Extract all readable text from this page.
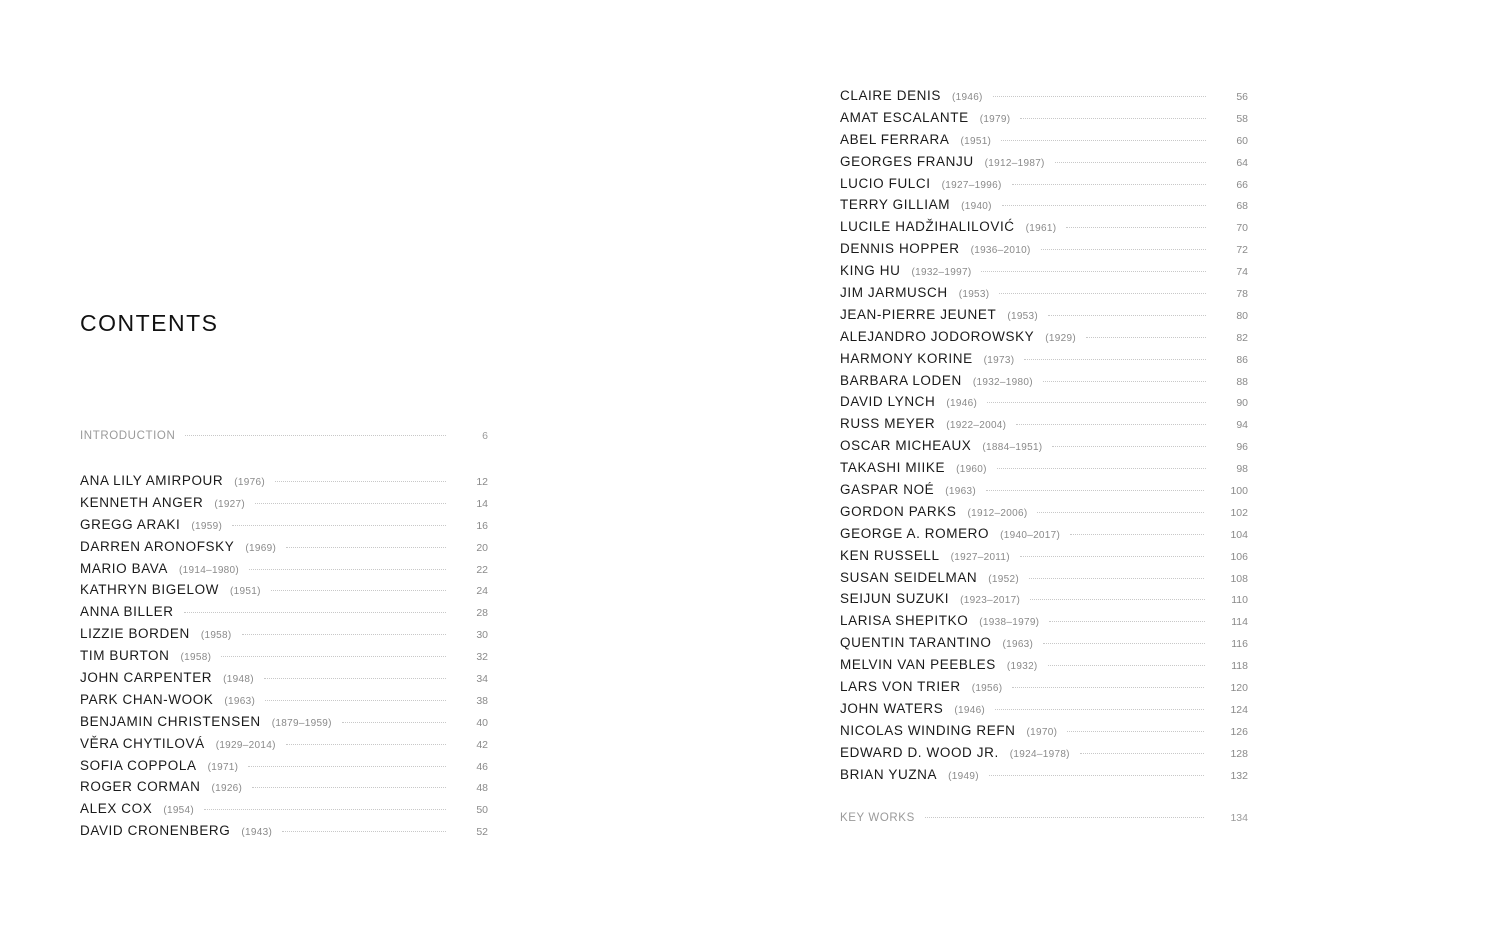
CONTENTS
INTRODUCTION	6
ANA LILY AMIRPOUR (1976)	12
KENNETH ANGER (1927)	14
GREGG ARAKI (1959)	16
DARREN ARONOFSKY (1969)	20
MARIO BAVA (1914–1980)	22
KATHRYN BIGELOW (1951)	24
ANNA BILLER	28
LIZZIE BORDEN (1958)	30
TIM BURTON (1958)	32
JOHN CARPENTER (1948)	34
PARK CHAN-WOOK (1963)	38
BENJAMIN CHRISTENSEN (1879–1959)	40
VĚRA CHYTILOVÁ (1929–2014)	42
SOFIA COPPOLA (1971)	46
ROGER CORMAN (1926)	48
ALEX COX (1954)	50
DAVID CRONENBERG (1943)	52
CLAIRE DENIS (1946)	56
AMAT ESCALANTE (1979)	58
ABEL FERRARA (1951)	60
GEORGES FRANJU (1912–1987)	64
LUCIO FULCI (1927–1996)	66
TERRY GILLIAM (1940)	68
LUCILE HADŽIHALILOVIĆ (1961)	70
DENNIS HOPPER (1936–2010)	72
KING HU (1932–1997)	74
JIM JARMUSCH (1953)	78
JEAN-PIERRE JEUNET (1953)	80
ALEJANDRO JODOROWSKY (1929)	82
HARMONY KORINE (1973)	86
BARBARA LODEN (1932–1980)	88
DAVID LYNCH (1946)	90
RUSS MEYER (1922–2004)	94
OSCAR MICHEAUX (1884–1951)	96
TAKASHI MIIKE (1960)	98
GASPAR NOÉ (1963)	100
GORDON PARKS (1912–2006)	102
GEORGE A. ROMERO (1940–2017)	104
KEN RUSSELL (1927–2011)	106
SUSAN SEIDELMAN (1952)	108
SEIJUN SUZUKI (1923–2017)	110
LARISA SHEPITKO (1938–1979)	114
QUENTIN TARANTINO (1963)	116
MELVIN VAN PEEBLES (1932)	118
LARS VON TRIER (1956)	120
JOHN WATERS (1946)	124
NICOLAS WINDING REFN (1970)	126
EDWARD D. WOOD JR. (1924–1978)	128
BRIAN YUZNA (1949)	132
KEY WORKS	134
